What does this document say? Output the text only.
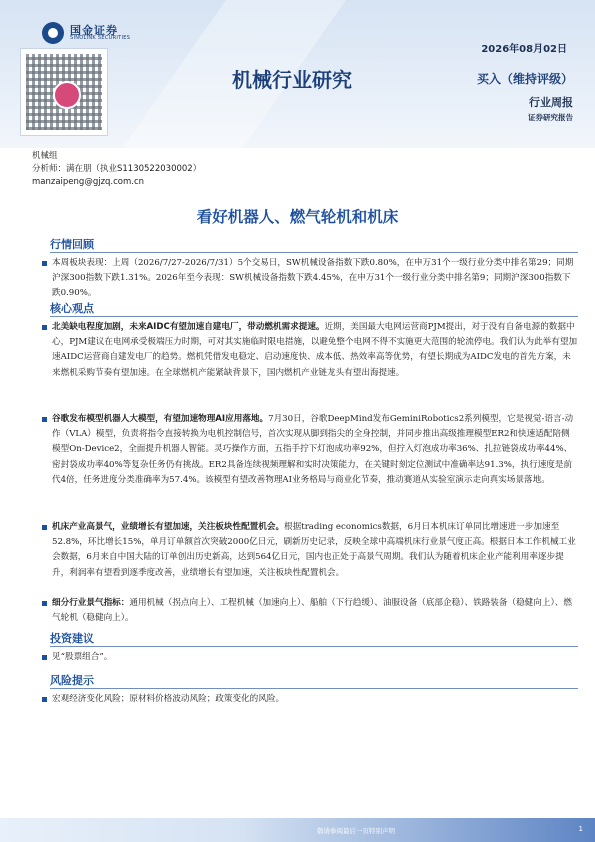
国金证券
SINOLINK SECURITIES
2026年08月02日
机械行业研究	买入（维持评级）
行业周报
证券研究报告
机械组
分析师：满在朋（执业S1130522030002）
manzaipeng@gjzq.com.cn
看好机器人、燃气轮机和机床
行情回顾
本周板块表现：上周（2026/7/27-2026/7/31）5个交易日，SW机械设备指数下跌0.80%，在申万31个一级行业分类中排名第29；同期沪深300指数下跌1.31%。2026年至今表现：SW机械设备指数下跌4.45%，在申万31个一级行业分类中排名第9；同期沪深300指数下跌0.90%。
核心观点
北美缺电程度加剧，未来AIDC有望加速自建电厂，带动燃机需求提速。近期，美国最大电网运营商PJM提出，对于没有自备电源的数据中心，PJM建议在电网承受极端压力时期，可对其实施临时限电措施，以避免整个电网不得不实施更大范围的轮流停电。我们认为此举有望加速AIDC运营商自建发电厂的趋势。燃机凭借发电稳定、启动速度快、成本低、热效率高等优势，有望长期成为AIDC发电的首先方案，未来燃机采购节奏有望加速。在全球燃机产能紧缺背景下，国内燃机产业链龙头有望出海提速。
谷歌发布模型机器人大模型，有望加速物理AI应用落地。7月30日，谷歌DeepMind发布GeminiRobotics2系列模型，它是视觉-语言-动作（VLA）模型，负责将指令直接转换为电机控制信号，首次实现从脚到指尖的全身控制，并同步推出高级推理模型ER2和快速适配陪侧模型On-Device2，全面提升机器人智能。灵巧操作方面，五指手拧下灯泡成功率92%，但拧入灯泡成功率36%、扎拉链袋成功率44%、密封袋成功率40%等复杂任务仍有挑战。ER2具备连续视频理解和实时决策能力，在关键时刻定位测试中准确率达91.3%，执行速度是前代4倍，任务进度分类准确率为57.4%。该模型有望改善物理AI业务格局与商业化节奏，推动赛道从实验室演示走向真实场景落地。
机床产业高景气，业绩增长有望加速，关注板块性配置机会。根据trading economics数据，6月日本机床订单同比增速进一步加速至52.8%，环比增长15%，单月订单额首次突破2000亿日元，刷新历史记录，反映全球中高端机床行业景气度正高。根据日本工作机械工业会数据，6月来自中国大陆的订单创出历史新高，达到564亿日元，国内也正处于高景气周期。我们认为随着机床企业产能利用率逐步提升，利润率有望看到逐季度改善，业绩增长有望加速，关注板块性配置机会。
细分行业景气指标：通用机械（拐点向上）、工程机械（加速向上）、船舶（下行趋缓）、油服设备（底部企稳）、铁路装备（稳健向上）、燃气轮机（稳健向上）。
投资建议
见“股票组合”。
风险提示
宏观经济变化风险；原材料价格波动风险；政策变化的风险。
敬请参阅最后一页特别声明	1
